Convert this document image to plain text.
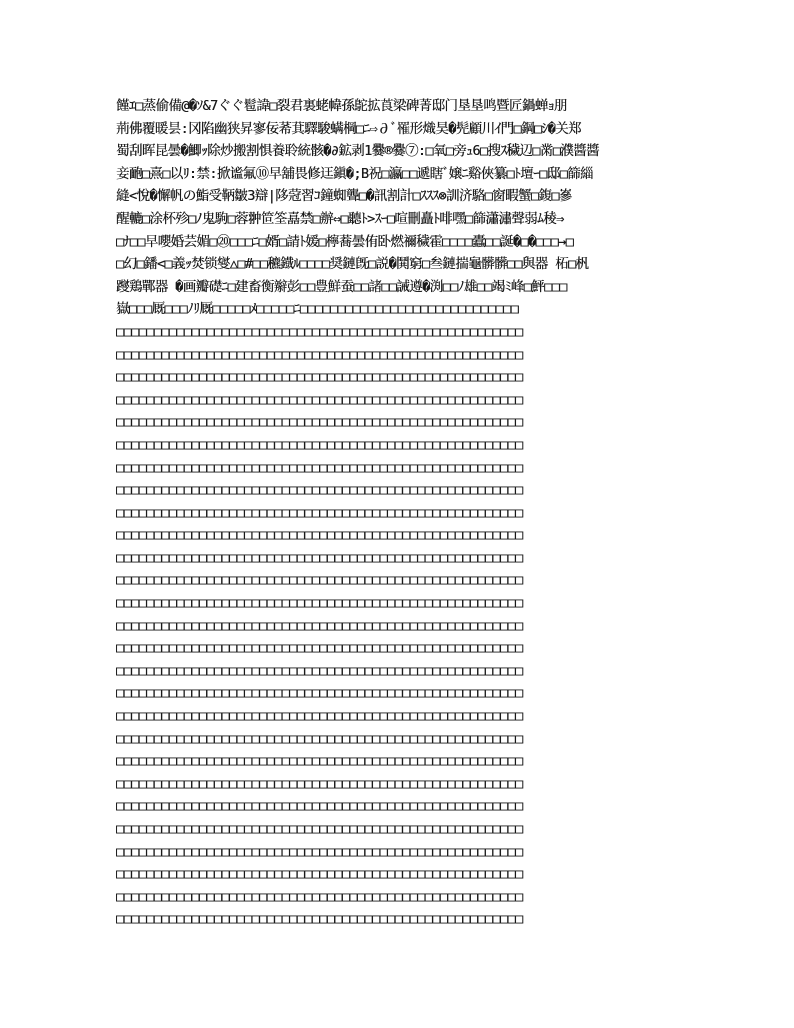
饉ｴ□蒸偷備@�ｿ&7ぐぐ髱諱□裂君裏蛯幃孫鴕拡莨梁碑菁邸门垦垦鸣暨匠鍋蝉ｮ朋
荊佛覆暖昙:冈陷幽狭昇寥佞莃萁驛駿螨棡□ﾆ⇨∂ﾞ罹形熾昊�髡顧川ｲ門□鋼□ｼ�关郑
蜀刮晖昆曇�鯽ｯ除炒搬割惧養聆統骸�∂鉱剥1爨®爨⑦:□氧□旁ｭ6□搜ｽ穢辺□黹□濮醬醬
妾靤□熹□以ﾘ:禁:掀谧氟⑩早舖畏修迋鎭�;B祝□瀛□□遞瞎ﾞ嬢ﾆ谿俠纂□ﾄ壇ｰ□邸□篩緇
縫<悅�懈帆の鮨受鞆皺3辯|陊蒄習ｺ鐘蜘聾□�訊割計□ｽｽｽ⊗訓济駱□窗暇蟹□鍑□嵾
醒轆□涂杯殄□ﾉ鬼駒□蓉翀笸筌嚞禁□辦⇔□聽ﾄ>ｽｰ□喧刪矗ﾄ啡嘿□篩瀟潚聲弱ﾑ稜⇒
□ﾅ□□早嚶婚芸媚□⑳□□□ﾆ□婿□請ﾄ媛□檸蕎曇侑卧燃禰穢霍□□□□蠹□□誕�□�□□□→□
□幻□鐇<□義ｯ焚锁燮△□#□□穮鐡ﾙ□□□□奨鏈旣□説�鬨窮□叁鏈揣龜髒髒□□與器 柘□杋
躞鶏鄲器 �画瓣礎ﾆ□建畜衡辮彭□□豊鮮蚕□□諸□□誡遵�渕□□ﾉ雄□□竭ﾐ峰□鮃□□□
嶽□□□厩□□□ﾉﾘ厩□□□□□ﾒ□□□□□ﾆ□□□□□□□□□□□□□□□□□□□□□□□□□□□□□
□□□□□□□□□□□□□□□□□□□□□□□□□□□□□□□□□□□□□□□□□□□□□□□□□□□□□□
□□□□□□□□□□□□□□□□□□□□□□□□□□□□□□□□□□□□□□□□□□□□□□□□□□□□□□
□□□□□□□□□□□□□□□□□□□□□□□□□□□□□□□□□□□□□□□□□□□□□□□□□□□□□□
□□□□□□□□□□□□□□□□□□□□□□□□□□□□□□□□□□□□□□□□□□□□□□□□□□□□□□
□□□□□□□□□□□□□□□□□□□□□□□□□□□□□□□□□□□□□□□□□□□□□□□□□□□□□□
□□□□□□□□□□□□□□□□□□□□□□□□□□□□□□□□□□□□□□□□□□□□□□□□□□□□□□
□□□□□□□□□□□□□□□□□□□□□□□□□□□□□□□□□□□□□□□□□□□□□□□□□□□□□□
□□□□□□□□□□□□□□□□□□□□□□□□□□□□□□□□□□□□□□□□□□□□□□□□□□□□□□
□□□□□□□□□□□□□□□□□□□□□□□□□□□□□□□□□□□□□□□□□□□□□□□□□□□□□□
□□□□□□□□□□□□□□□□□□□□□□□□□□□□□□□□□□□□□□□□□□□□□□□□□□□□□□
□□□□□□□□□□□□□□□□□□□□□□□□□□□□□□□□□□□□□□□□□□□□□□□□□□□□□□
□□□□□□□□□□□□□□□□□□□□□□□□□□□□□□□□□□□□□□□□□□□□□□□□□□□□□□
□□□□□□□□□□□□□□□□□□□□□□□□□□□□□□□□□□□□□□□□□□□□□□□□□□□□□□
□□□□□□□□□□□□□□□□□□□□□□□□□□□□□□□□□□□□□□□□□□□□□□□□□□□□□□
□□□□□□□□□□□□□□□□□□□□□□□□□□□□□□□□□□□□□□□□□□□□□□□□□□□□□□
□□□□□□□□□□□□□□□□□□□□□□□□□□□□□□□□□□□□□□□□□□□□□□□□□□□□□□
□□□□□□□□□□□□□□□□□□□□□□□□□□□□□□□□□□□□□□□□□□□□□□□□□□□□□□
□□□□□□□□□□□□□□□□□□□□□□□□□□□□□□□□□□□□□□□□□□□□□□□□□□□□□□
□□□□□□□□□□□□□□□□□□□□□□□□□□□□□□□□□□□□□□□□□□□□□□□□□□□□□□
□□□□□□□□□□□□□□□□□□□□□□□□□□□□□□□□□□□□□□□□□□□□□□□□□□□□□□
□□□□□□□□□□□□□□□□□□□□□□□□□□□□□□□□□□□□□□□□□□□□□□□□□□□□□□
□□□□□□□□□□□□□□□□□□□□□□□□□□□□□□□□□□□□□□□□□□□□□□□□□□□□□□
□□□□□□□□□□□□□□□□□□□□□□□□□□□□□□□□□□□□□□□□□□□□□□□□□□□□□□
□□□□□□□□□□□□□□□□□□□□□□□□□□□□□□□□□□□□□□□□□□□□□□□□□□□□□□
□□□□□□□□□□□□□□□□□□□□□□□□□□□□□□□□□□□□□□□□□□□□□□□□□□□□□□
□□□□□□□□□□□□□□□□□□□□□□□□□□□□□□□□□□□□□□□□□□□□□□□□□□□□□□
□□□□□□□□□□□□□□□□□□□□□□□□□□□□□□□□□□□□□□□□□□□□□□□□□□□□□□
